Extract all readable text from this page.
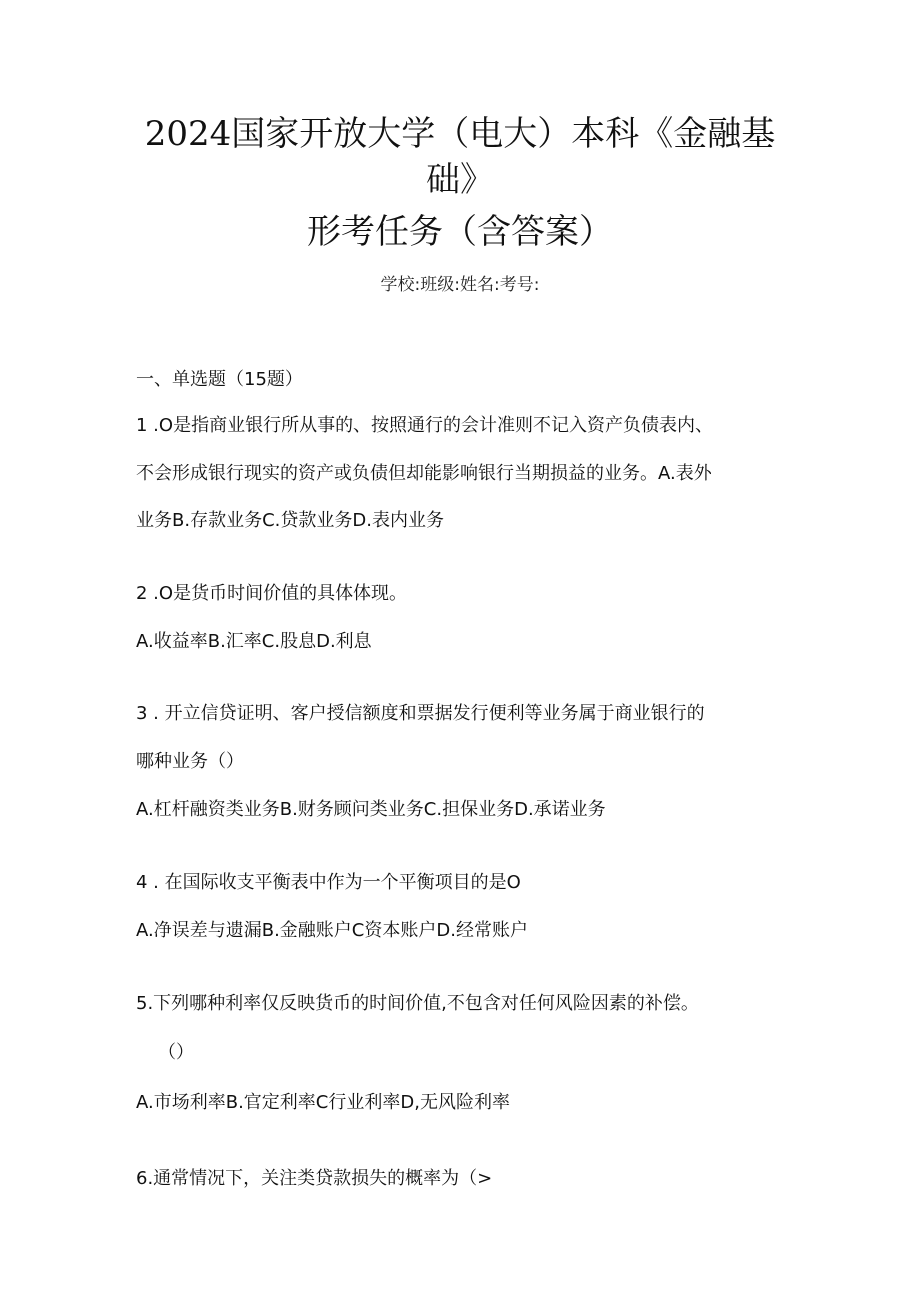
2024国家开放大学（电大）本科《金融基
础》
形考任务（含答案）
学校:班级:姓名:考号:
一、单选题（15题）
1 .O是指商业银行所从事的、按照通行的会计准则不记入资产负债表内、
不会形成银行现实的资产或负债但却能影响银行当期损益的业务。A.表外
业务B.存款业务C.贷款业务D.表内业务
2 .O是货币时间价值的具体体现。
A.收益率B.汇率C.股息D.利息
3 . 开立信贷证明、客户授信额度和票据发行便利等业务属于商业银行的
哪种业务（）
A.杠杆融资类业务B.财务顾问类业务C.担保业务D.承诺业务
4 . 在国际收支平衡表中作为一个平衡项目的是O
A.净误差与遗漏B.金融账户C资本账户D.经常账户
5.下列哪种利率仅反映货币的时间价值,不包含对任何风险因素的补偿。
（）
A.市场利率B.官定利率C行业利率D,无风险利率
6.通常情况下，关注类贷款损失的概率为（>
